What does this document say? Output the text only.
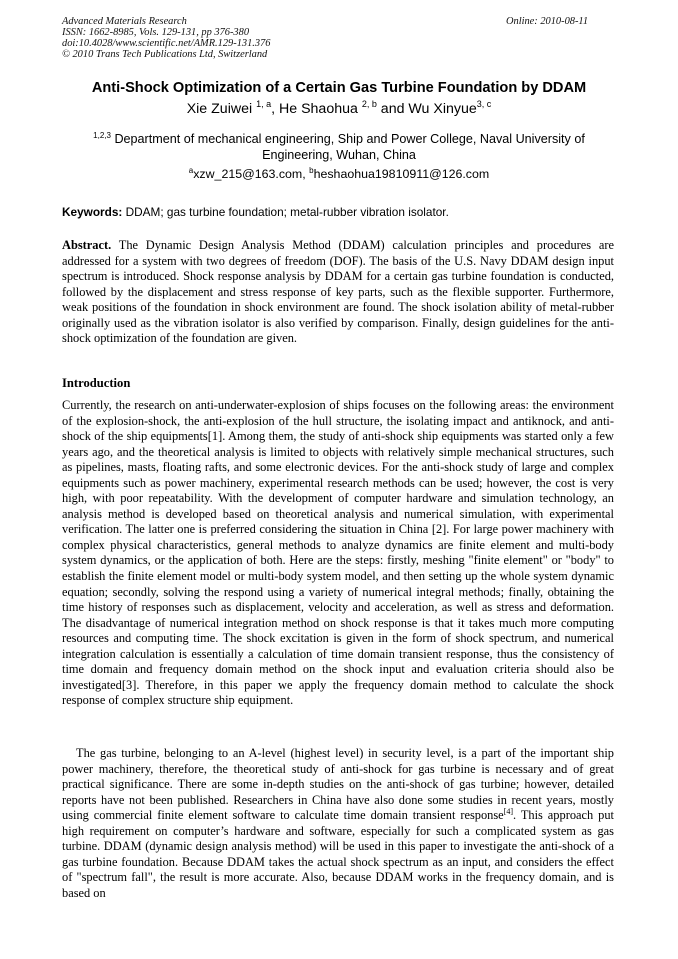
Advanced Materials Research
ISSN: 1662-8985, Vols. 129-131, pp 376-380
doi:10.4028/www.scientific.net/AMR.129-131.376
© 2010 Trans Tech Publications Ltd, Switzerland
Online: 2010-08-11
Anti-Shock Optimization of a Certain Gas Turbine Foundation by DDAM
Xie Zuiwei $^{1, a}$, He Shaohua $^{2, b}$ and Wu Xinyue$^{3, c}$
$^{1,2,3}$ Department of mechanical engineering, Ship and Power College, Naval University of Engineering, Wuhan, China
$^a$xzw_215@163.com, $^b$heshaohua19810911@126.com
Keywords: DDAM; gas turbine foundation; metal-rubber vibration isolator.
Abstract. The Dynamic Design Analysis Method (DDAM) calculation principles and procedures are addressed for a system with two degrees of freedom (DOF). The basis of the U.S. Navy DDAM design input spectrum is introduced. Shock response analysis by DDAM for a certain gas turbine foundation is conducted, followed by the displacement and stress response of key parts, such as the flexible supporter. Furthermore, weak positions of the foundation in shock environment are found. The shock isolation ability of metal-rubber originally used as the vibration isolator is also verified by comparison. Finally, design guidelines for the anti-shock optimization of the foundation are given.
Introduction
Currently, the research on anti-underwater-explosion of ships focuses on the following areas: the environment of the explosion-shock, the anti-explosion of the hull structure, the isolating impact and antiknock, and anti-shock of the ship equipments[1]. Among them, the study of anti-shock ship equipments was started only a few years ago, and the theoretical analysis is limited to objects with relatively simple mechanical structures, such as pipelines, masts, floating rafts, and some electronic devices. For the anti-shock study of large and complex equipments such as power machinery, experimental research methods can be used; however, the cost is very high, with poor repeatability. With the development of computer hardware and simulation technology, an analysis method is developed based on theoretical analysis and numerical simulation, with experimental verification. The latter one is preferred considering the situation in China [2]. For large power machinery with complex physical characteristics, general methods to analyze dynamics are finite element and multi-body system dynamics, or the application of both. Here are the steps: firstly, meshing "finite element" or "body" to establish the finite element model or multi-body system model, and then setting up the whole system dynamic equation; secondly, solving the respond using a variety of numerical integral methods; finally, obtaining the time history of responses such as displacement, velocity and acceleration, as well as stress and deformation. The disadvantage of numerical integration method on shock response is that it takes much more computing resources and computing time. The shock excitation is given in the form of shock spectrum, and numerical integration calculation is essentially a calculation of time domain transient response, thus the consistency of time domain and frequency domain method on the shock input and evaluation criteria should also be investigated[3]. Therefore, in this paper we apply the frequency domain method to calculate the shock response of complex structure ship equipment.
The gas turbine, belonging to an A-level (highest level) in security level, is a part of the important ship power machinery, therefore, the theoretical study of anti-shock for gas turbine is necessary and of great practical significance. There are some in-depth studies on the anti-shock of gas turbine; however, detailed reports have not been published. Researchers in China have also done some studies in recent years, mostly using commercial finite element software to calculate time domain transient response[4]. This approach put high requirement on computer’s hardware and software, especially for such a complicated system as gas turbine. DDAM (dynamic design analysis method) will be used in this paper to investigate the anti-shock of a gas turbine foundation. Because DDAM takes the actual shock spectrum as an input, and considers the effect of "spectrum fall", the result is more accurate. Also, because DDAM works in the frequency domain, and is based on
